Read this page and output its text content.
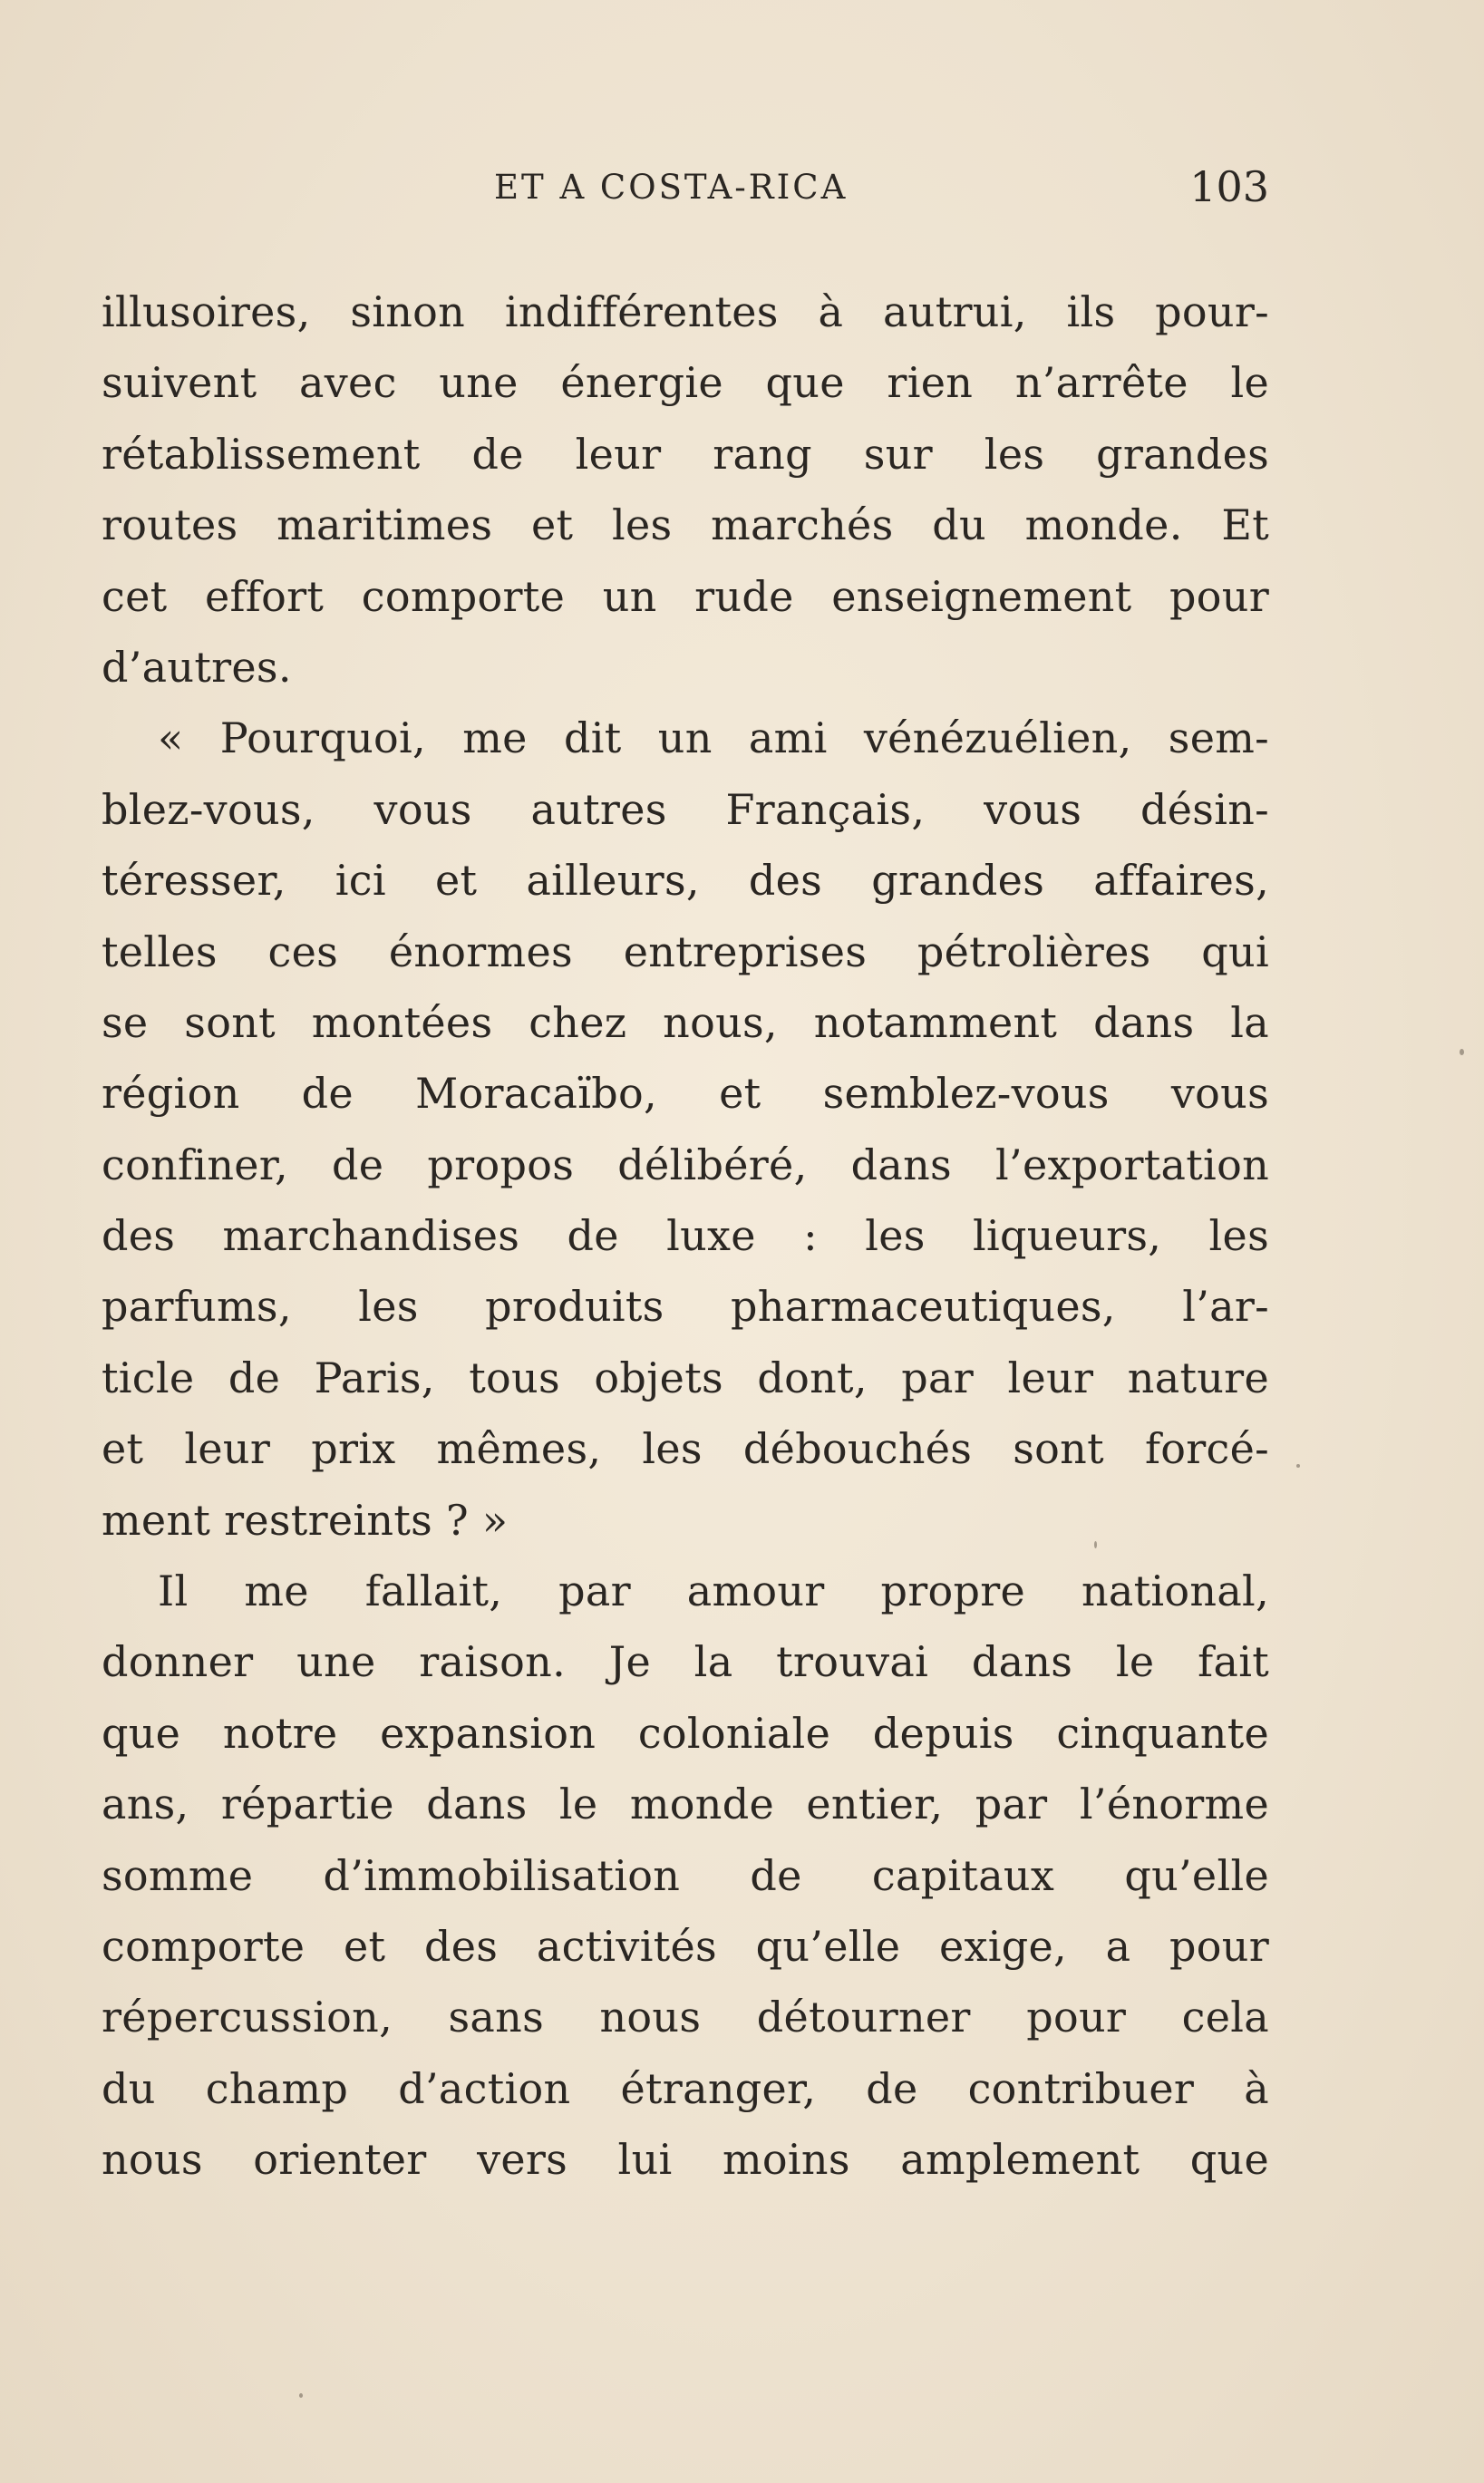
ET A COSTA-RICA	103
illusoires, sinon indifférentes à autrui, ils pour-
suivent avec une énergie que rien n’arrête le
rétablissement de leur rang sur les grandes
routes maritimes et les marchés du monde. Et
cet effort comporte un rude enseignement pour
d’autres.
« Pourquoi, me dit un ami vénézuélien, sem-
blez-vous, vous autres Français, vous désin-
téresser, ici et ailleurs, des grandes affaires,
telles ces énormes entreprises pétrolières qui
se sont montées chez nous, notamment dans la
région de Moracaïbo, et semblez-vous vous
confiner, de propos délibéré, dans l’exportation
des marchandises de luxe : les liqueurs, les
parfums, les produits pharmaceutiques, l’ar-
ticle de Paris, tous objets dont, par leur nature
et leur prix mêmes, les débouchés sont forcé-
ment restreints ? »
Il me fallait, par amour propre national,
donner une raison. Je la trouvai dans le fait
que notre expansion coloniale depuis cinquante
ans, répartie dans le monde entier, par l’énorme
somme d’immobilisation de capitaux qu’elle
comporte et des activités qu’elle exige, a pour
répercussion, sans nous détourner pour cela
du champ d’action étranger, de contribuer à
nous orienter vers lui moins amplement que
